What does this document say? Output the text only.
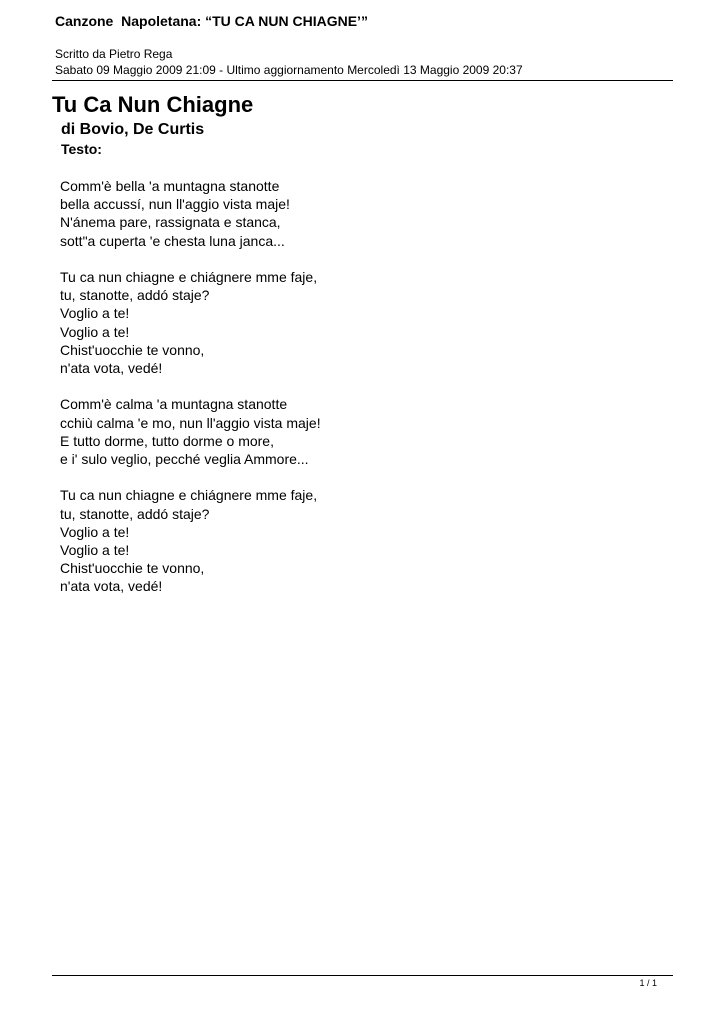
Canzone  Napoletana: “TU CA NUN CHIAGNE’”
Scritto da Pietro Rega
Sabato 09 Maggio 2009 21:09 - Ultimo aggiornamento Mercoledì 13 Maggio 2009 20:37
Tu Ca Nun Chiagne
di Bovio, De Curtis
Testo:

Comm'è bella 'a muntagna stanotte
bella accussí, nun ll'aggio vista maje!
N'ánema pare, rassignata e stanca,
sott"a cuperta 'e chesta luna janca...

Tu ca nun chiagne e chiágnere mme faje,
tu, stanotte, addó staje?
Voglio a te!
Voglio a te!
Chist'uocchie te vonno,
n'ata vota, vedé!

Comm'è calma 'a muntagna stanotte
cchiù calma 'e mo, nun ll'aggio vista maje!
E tutto dorme, tutto dorme o more,
e i' sulo veglio, pecché veglia Ammore...

Tu ca nun chiagne e chiágnere mme faje,
tu, stanotte, addó staje?
Voglio a te!
Voglio a te!
Chist'uocchie te vonno,
n'ata vota, vedé!

1 / 1
